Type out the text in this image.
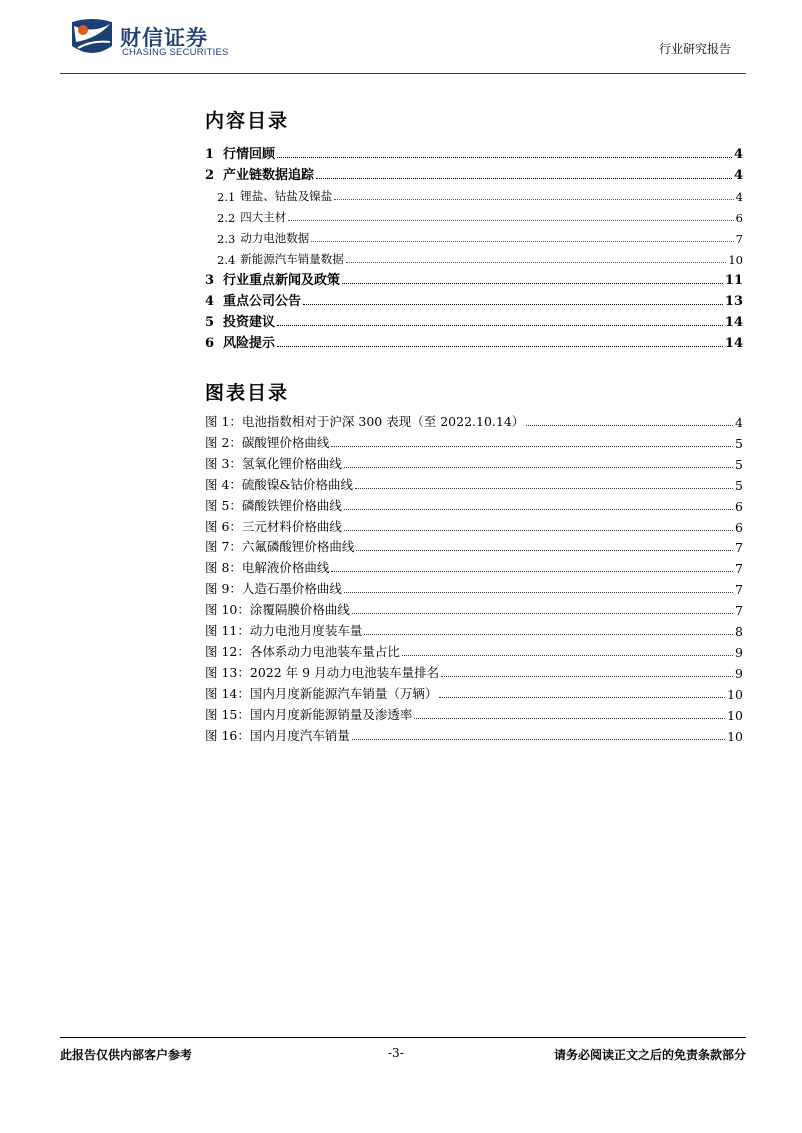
财信证券
CHASING SECURITIES	行业研究报告
内容目录
1 行情回顾	4
2 产业链数据追踪	4
2.1 锂盐、钴盐及镍盐	4
2.2 四大主材	6
2.3 动力电池数据	7
2.4 新能源汽车销量数据	10
3 行业重点新闻及政策	11
4 重点公司公告	13
5 投资建议	14
6 风险提示	14
图表目录
图 1：电池指数相对于沪深 300 表现（至 2022.10.14）	4
图 2：碳酸锂价格曲线	5
图 3：氢氧化锂价格曲线	5
图 4：硫酸镍&钴价格曲线	5
图 5：磷酸铁锂价格曲线	6
图 6：三元材料价格曲线	6
图 7：六氟磷酸锂价格曲线	7
图 8：电解液价格曲线	7
图 9：人造石墨价格曲线	7
图 10：涂覆隔膜价格曲线	7
图 11：动力电池月度装车量	8
图 12：各体系动力电池装车量占比	9
图 13：2022 年 9 月动力电池装车量排名	9
图 14：国内月度新能源汽车销量（万辆）	10
图 15：国内月度新能源销量及渗透率	10
图 16：国内月度汽车销量	10
此报告仅供内部客户参考	-3-	请务必阅读正文之后的免责条款部分
